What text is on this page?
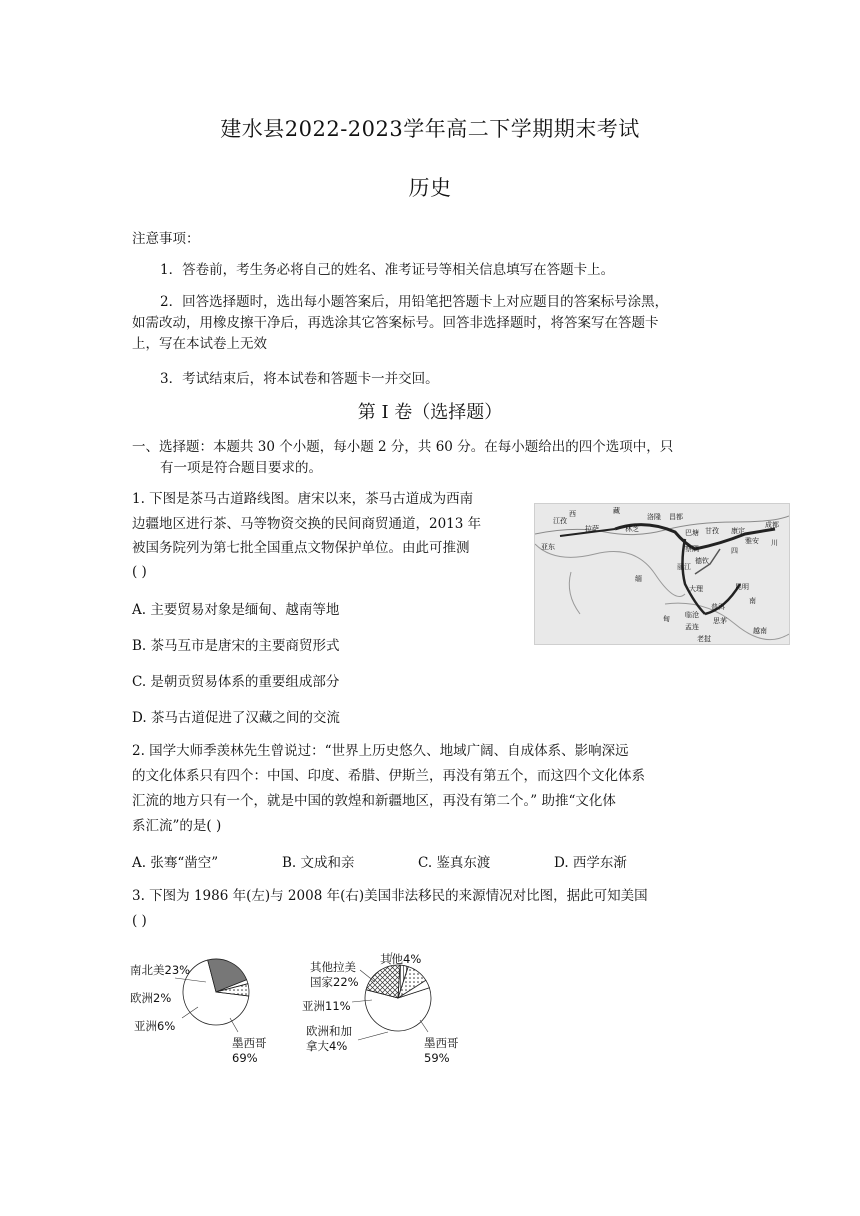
建水县2022-2023学年高二下学期期末考试
历史
注意事项：
1．答卷前，考生务必将自己的姓名、准考证号等相关信息填写在答题卡上。
2．回答选择题时，选出每小题答案后，用铅笔把答题卡上对应题目的答案标号涂黑，
如需改动，用橡皮擦干净后，再选涂其它答案标号。回答非选择题时，将答案写在答题卡
上，写在本试卷上无效
3．考试结束后，将本试卷和答题卡一并交回。
第 Ⅰ 卷（选择题）
一、选择题：本题共 30 个小题，每小题 2 分，共 60 分。在每小题给出的四个选项中，只
有一项是符合题目要求的。
1. 下图是茶马古道路线图。唐宋以来，茶马古道成为西南
边疆地区进行茶、马等物资交换的民间商贸通道，2013 年
被国务院列为第七批全国重点文物保护单位。由此可推测
( )
亚东
江孜
西
拉萨
藏
林芝
洛隆 昌都
巴塘
成都
甘孜 康定
雅安
四
川
察隅
德钦
丽江
大理
缅
甸 临沧
普洱
思茅
孟连
老挝
越南
昆明
南
A. 主要贸易对象是缅甸、越南等地
B. 茶马互市是唐宋的主要商贸形式
C. 是朝贡贸易体系的重要组成部分
D. 茶马古道促进了汉藏之间的交流
2. 国学大师季羡林先生曾说过：“世界上历史悠久、地域广阔、自成体系、影响深远
的文化体系只有四个：中国、印度、希腊、伊斯兰，再没有第五个，而这四个文化体系
汇流的地方只有一个，就是中国的敦煌和新疆地区，再没有第二个。” 助推“文化体
系汇流”的是( )
A. 张骞“凿空”	B. 文成和亲	C. 鉴真东渡	D. 西学东渐
3. 下图为 1986 年(左)与 2008 年(右)美国非法移民的来源情况对比图，据此可知美国
( )
南北美23%
欧洲2%
亚洲6%
墨西哥 69%
其他拉美 国家22%
其他4%
亚洲11%
欧洲和加 拿大4%	墨西哥 59%
